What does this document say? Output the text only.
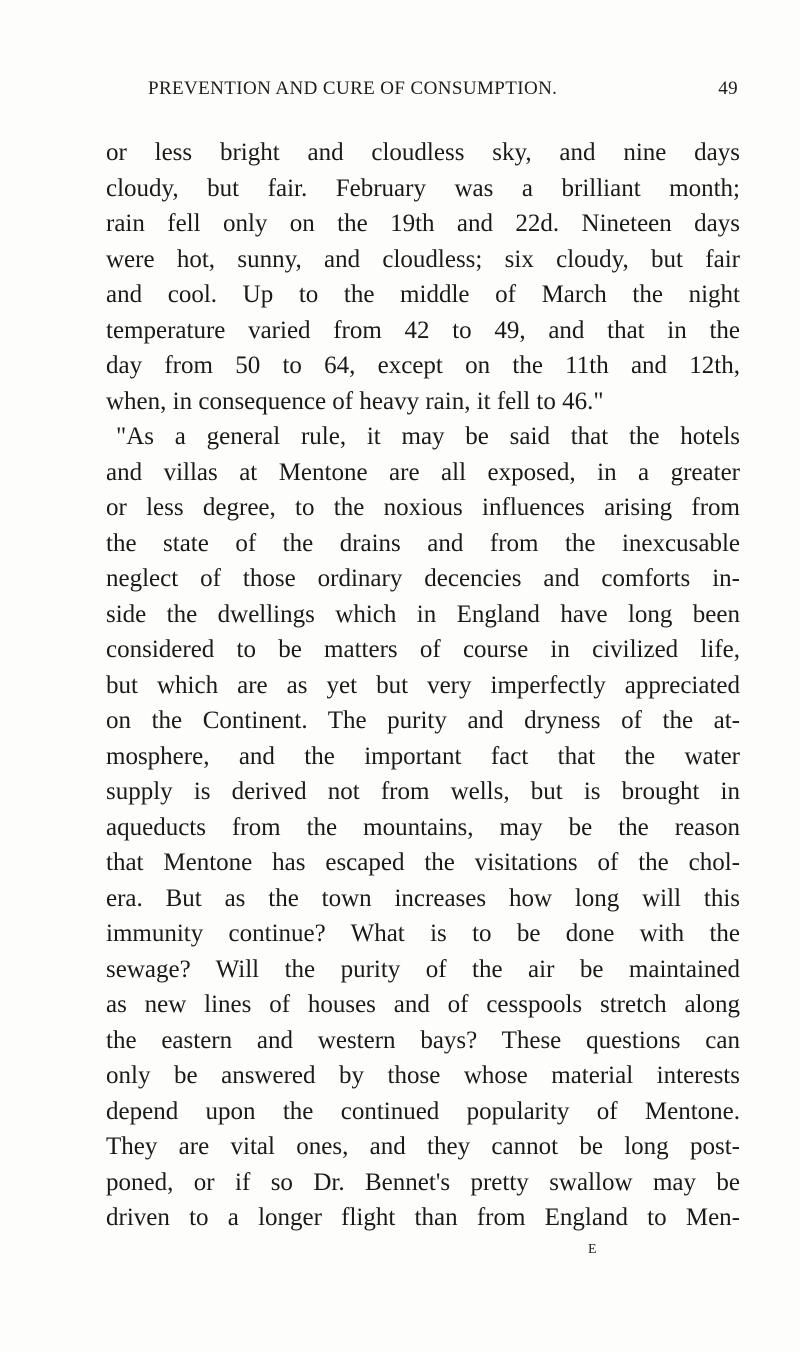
PREVENTION AND CURE OF CONSUMPTION.	49
or less bright and cloudless sky, and nine days
cloudy, but fair. February was a brilliant month;
rain fell only on the 19th and 22d. Nineteen days
were hot, sunny, and cloudless; six cloudy, but fair
and cool. Up to the middle of March the night
temperature varied from 42 to 49, and that in the
day from 50 to 64, except on the 11th and 12th,
when, in consequence of heavy rain, it fell to 46."
"As a general rule, it may be said that the hotels
and villas at Mentone are all exposed, in a greater
or less degree, to the noxious influences arising from
the state of the drains and from the inexcusable
neglect of those ordinary decencies and comforts in-
side the dwellings which in England have long been
considered to be matters of course in civilized life,
but which are as yet but very imperfectly appreciated
on the Continent. The purity and dryness of the at-
mosphere, and the important fact that the water
supply is derived not from wells, but is brought in
aqueducts from the mountains, may be the reason
that Mentone has escaped the visitations of the chol-
era. But as the town increases how long will this
immunity continue? What is to be done with the
sewage? Will the purity of the air be maintained
as new lines of houses and of cesspools stretch along
the eastern and western bays? These questions can
only be answered by those whose material interests
depend upon the continued popularity of Mentone.
They are vital ones, and they cannot be long post-
poned, or if so Dr. Bennet's pretty swallow may be
driven to a longer flight than from England to Men-
E
